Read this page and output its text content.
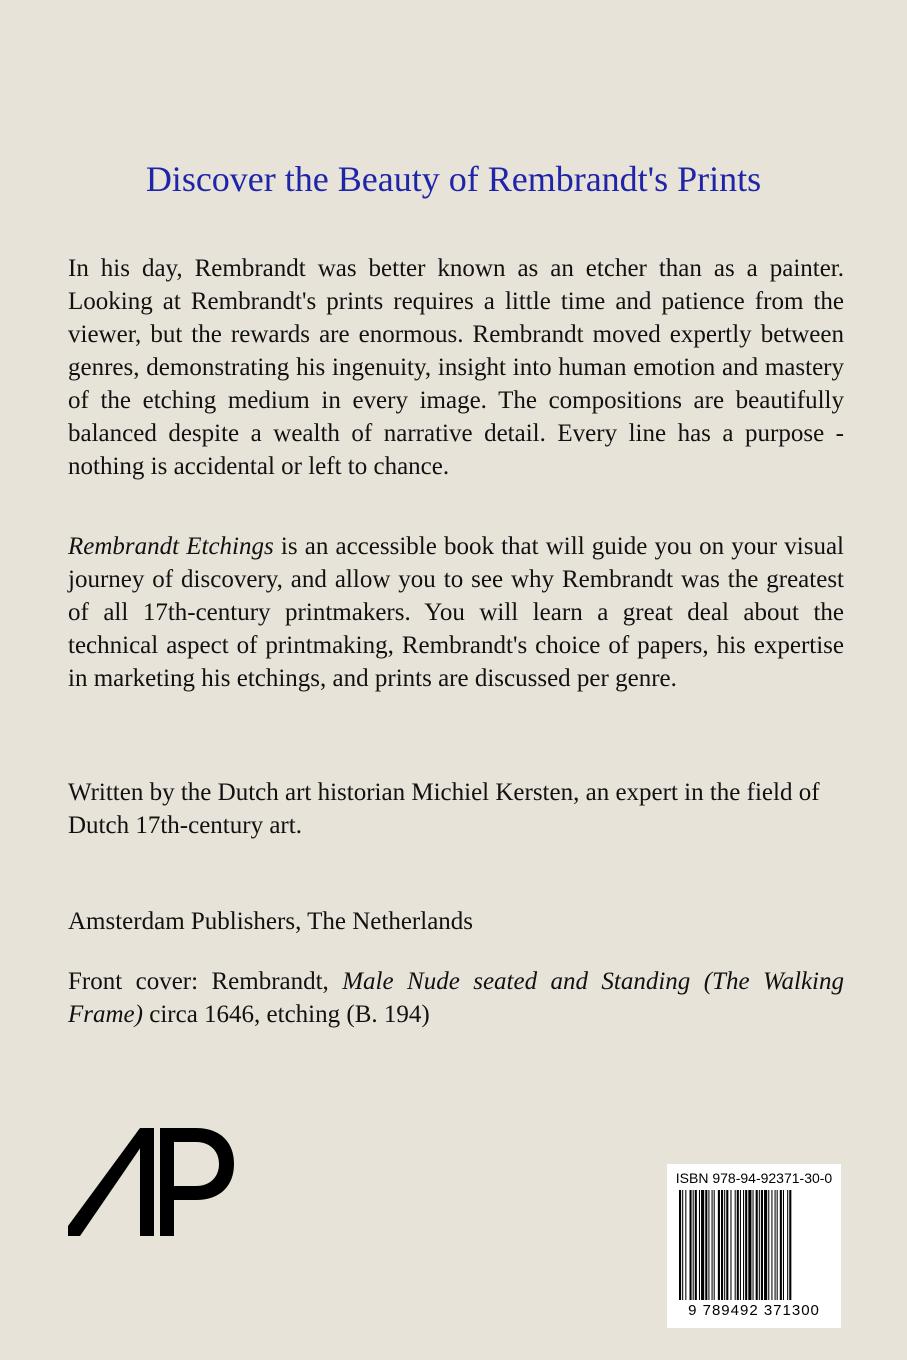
Discover the Beauty of Rembrandt's Prints

In his day, Rembrandt was better known as an etcher than as a painter. Looking at Rembrandt's prints requires a little time and patience from the viewer, but the rewards are enormous. Rembrandt moved expertly between genres, demonstrating his ingenuity, insight into human emotion and mastery of the etching medium in every image. The compositions are beautifully balanced despite a wealth of narrative detail. Every line has a purpose - nothing is accidental or left to chance.

Rembrandt Etchings is an accessible book that will guide you on your visual journey of discovery, and allow you to see why Rembrandt was the greatest of all 17th-century printmakers. You will learn a great deal about the technical aspect of printmaking, Rembrandt's choice of papers, his expertise in marketing his etchings, and prints are discussed per genre.

Written by the Dutch art historian Michiel Kersten, an expert in the field of Dutch 17th-century art.

Amsterdam Publishers, The Netherlands

Front cover: Rembrandt, Male Nude seated and Standing (The Walking Frame) circa 1646, etching (B. 194)

ISBN 978-94-92371-30-0
9 789492 371300
